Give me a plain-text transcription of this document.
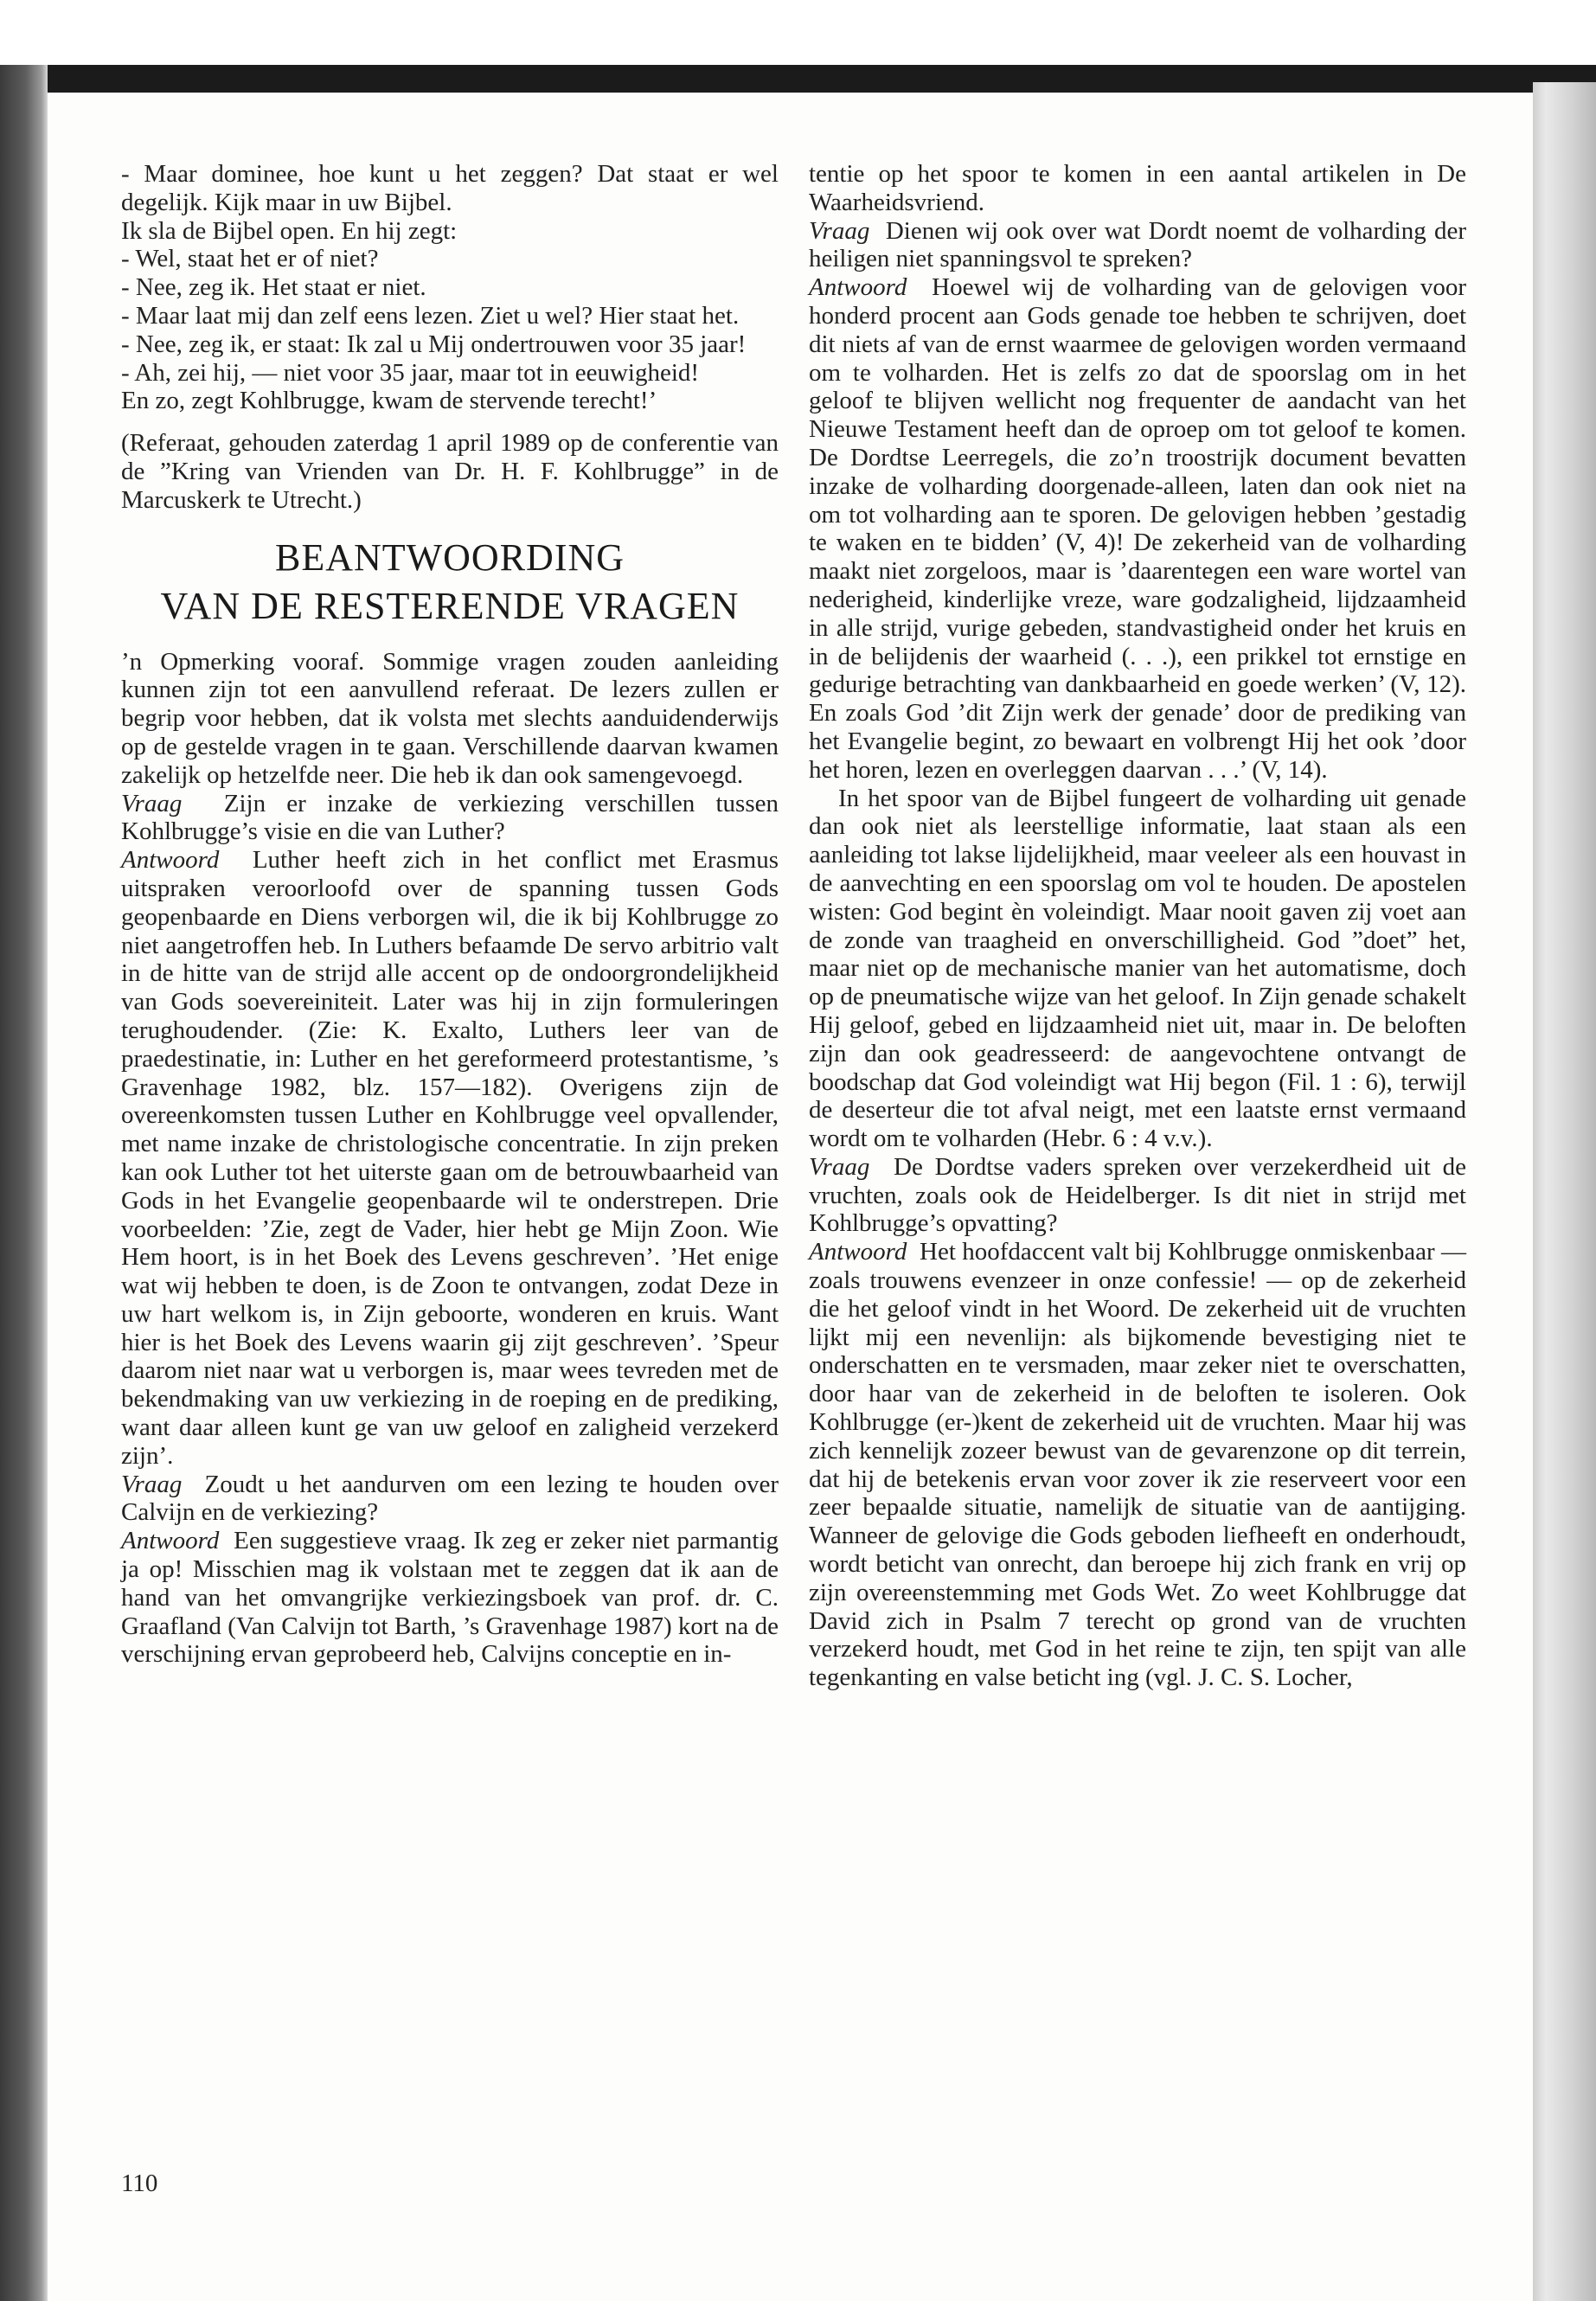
- Maar dominee, hoe kunt u het zeggen? Dat staat er wel degelijk. Kijk maar in uw Bijbel.

Ik sla de Bijbel open. En hij zegt:

- Wel, staat het er of niet?

- Nee, zeg ik. Het staat er niet.

- Maar laat mij dan zelf eens lezen. Ziet u wel? Hier staat het.

- Nee, zeg ik, er staat: Ik zal u Mij ondertrouwen voor 35 jaar!

- Ah, zei hij, — niet voor 35 jaar, maar tot in eeuwigheid!

En zo, zegt Kohlbrugge, kwam de stervende terecht!’

(Referaat, gehouden zaterdag 1 april 1989 op de conferentie van de ”Kring van Vrienden van Dr. H. F. Kohlbrugge” in de Marcuskerk te Utrecht.)

BEANTWOORDING
VAN DE RESTERENDE VRAGEN

’n Opmerking vooraf. Sommige vragen zouden aanleiding kunnen zijn tot een aanvullend referaat. De lezers zullen er begrip voor hebben, dat ik volsta met slechts aanduidenderwijs op de gestelde vragen in te gaan. Verschillende daarvan kwamen zakelijk op hetzelfde neer. Die heb ik dan ook samengevoegd.

Vraag Zijn er inzake de verkiezing verschillen tussen Kohlbrugge’s visie en die van Luther?

Antwoord Luther heeft zich in het conflict met Erasmus uitspraken veroorloofd over de spanning tussen Gods geopenbaarde en Diens verborgen wil, die ik bij Kohlbrugge zo niet aangetroffen heb. In Luthers befaamde De servo arbitrio valt in de hitte van de strijd alle accent op de ondoorgrondelijkheid van Gods soevereiniteit. Later was hij in zijn formuleringen terughoudender. (Zie: K. Exalto, Luthers leer van de praedestinatie, in: Luther en het gereformeerd protestantisme, ’s Gravenhage 1982, blz. 157—182). Overigens zijn de overeenkomsten tussen Luther en Kohlbrugge veel opvallender, met name inzake de christologische concentratie. In zijn preken kan ook Luther tot het uiterste gaan om de betrouwbaarheid van Gods in het Evangelie geopenbaarde wil te onderstrepen. Drie voorbeelden: ’Zie, zegt de Vader, hier hebt ge Mijn Zoon. Wie Hem hoort, is in het Boek des Levens geschreven’. ’Het enige wat wij hebben te doen, is de Zoon te ontvangen, zodat Deze in uw hart welkom is, in Zijn geboorte, wonderen en kruis. Want hier is het Boek des Levens waarin gij zijt geschreven’. ’Speur daarom niet naar wat u verborgen is, maar wees tevreden met de bekendmaking van uw verkiezing in de roeping en de prediking, want daar alleen kunt ge van uw geloof en zaligheid verzekerd zijn’.

Vraag Zoudt u het aandurven om een lezing te houden over Calvijn en de verkiezing?

Antwoord Een suggestieve vraag. Ik zeg er zeker niet parmantig ja op! Misschien mag ik volstaan met te zeggen dat ik aan de hand van het omvangrijke verkiezingsboek van prof. dr. C. Graafland (Van Calvijn tot Barth, ’s Gravenhage 1987) kort na de verschijning ervan geprobeerd heb, Calvijns conceptie en in-

tentie op het spoor te komen in een aantal artikelen in De Waarheidsvriend.

Vraag Dienen wij ook over wat Dordt noemt de volharding der heiligen niet spanningsvol te spreken?

Antwoord Hoewel wij de volharding van de gelovigen voor honderd procent aan Gods genade toe hebben te schrijven, doet dit niets af van de ernst waarmee de gelovigen worden vermaand om te volharden. Het is zelfs zo dat de spoorslag om in het geloof te blijven wellicht nog frequenter de aandacht van het Nieuwe Testament heeft dan de oproep om tot geloof te komen. De Dordtse Leerregels, die zo’n troostrijk document bevatten inzake de volharding doorgenade-alleen, laten dan ook niet na om tot volharding aan te sporen. De gelovigen hebben ’gestadig te waken en te bidden’ (V, 4)! De zekerheid van de volharding maakt niet zorgeloos, maar is ’daarentegen een ware wortel van nederigheid, kinderlijke vreze, ware godzaligheid, lijdzaamheid in alle strijd, vurige gebeden, standvastigheid onder het kruis en in de belijdenis der waarheid (. . .), een prikkel tot ernstige en gedurige betrachting van dankbaarheid en goede werken’ (V, 12). En zoals God ’dit Zijn werk der genade’ door de prediking van het Evangelie begint, zo bewaart en volbrengt Hij het ook ’door het horen, lezen en overleggen daarvan . . .’ (V, 14).

In het spoor van de Bijbel fungeert de volharding uit genade dan ook niet als leerstellige informatie, laat staan als een aanleiding tot lakse lijdelijkheid, maar veeleer als een houvast in de aanvechting en een spoorslag om vol te houden. De apostelen wisten: God begint èn voleindigt. Maar nooit gaven zij voet aan de zonde van traagheid en onverschilligheid. God ”doet” het, maar niet op de mechanische manier van het automatisme, doch op de pneumatische wijze van het geloof. In Zijn genade schakelt Hij geloof, gebed en lijdzaamheid niet uit, maar in. De beloften zijn dan ook geadresseerd: de aangevochtene ontvangt de boodschap dat God voleindigt wat Hij begon (Fil. 1 : 6), terwijl de deserteur die tot afval neigt, met een laatste ernst vermaand wordt om te volharden (Hebr. 6 : 4 v.v.).

Vraag De Dordtse vaders spreken over verzekerdheid uit de vruchten, zoals ook de Heidelberger. Is dit niet in strijd met Kohlbrugge’s opvatting?

Antwoord Het hoofdaccent valt bij Kohlbrugge onmiskenbaar — zoals trouwens evenzeer in onze confessie! — op de zekerheid die het geloof vindt in het Woord. De zekerheid uit de vruchten lijkt mij een nevenlijn: als bijkomende bevestiging niet te onderschatten en te versmaden, maar zeker niet te overschatten, door haar van de zekerheid in de beloften te isoleren. Ook Kohlbrugge (er-)kent de zekerheid uit de vruchten. Maar hij was zich kennelijk zozeer bewust van de gevarenzone op dit terrein, dat hij de betekenis ervan voor zover ik zie reserveert voor een zeer bepaalde situatie, namelijk de situatie van de aantijging. Wanneer de gelovige die Gods geboden liefheeft en onderhoudt, wordt beticht van onrecht, dan beroepe hij zich frank en vrij op zijn overeenstemming met Gods Wet. Zo weet Kohlbrugge dat David zich in Psalm 7 terecht op grond van de vruchten verzekerd houdt, met God in het reine te zijn, ten spijt van alle tegenkanting en valse beticht ing (vgl. J. C. S. Locher,

110
